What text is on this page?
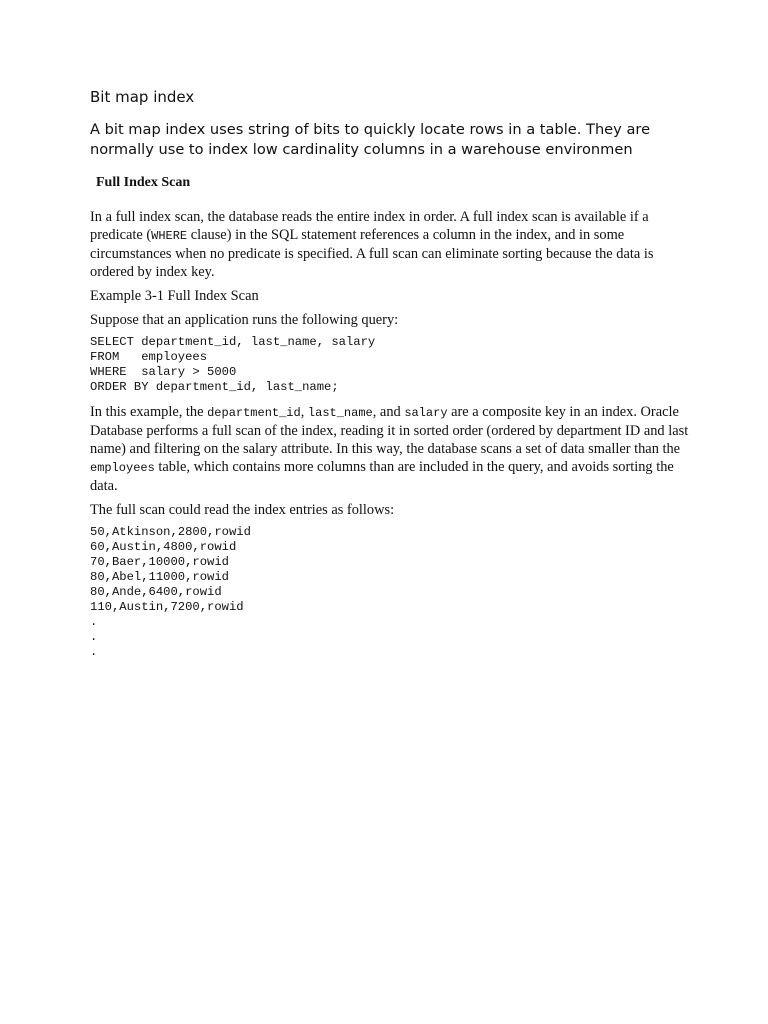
Bit map index

A bit map index uses string of bits to quickly locate rows in a table. They are normally use to index low cardinality columns in a warehouse environmen

Full Index Scan

In a full index scan, the database reads the entire index in order. A full index scan is available if a predicate (WHERE clause) in the SQL statement references a column in the index, and in some circumstances when no predicate is specified. A full scan can eliminate sorting because the data is ordered by index key.

Example 3-1 Full Index Scan

Suppose that an application runs the following query:

SELECT department_id, last_name, salary
FROM   employees
WHERE  salary > 5000
ORDER BY department_id, last_name;

In this example, the department_id, last_name, and salary are a composite key in an index. Oracle Database performs a full scan of the index, reading it in sorted order (ordered by department ID and last name) and filtering on the salary attribute. In this way, the database scans a set of data smaller than the employees table, which contains more columns than are included in the query, and avoids sorting the data.

The full scan could read the index entries as follows:

50,Atkinson,2800,rowid
60,Austin,4800,rowid
70,Baer,10000,rowid
80,Abel,11000,rowid
80,Ande,6400,rowid
110,Austin,7200,rowid
.
.
.
